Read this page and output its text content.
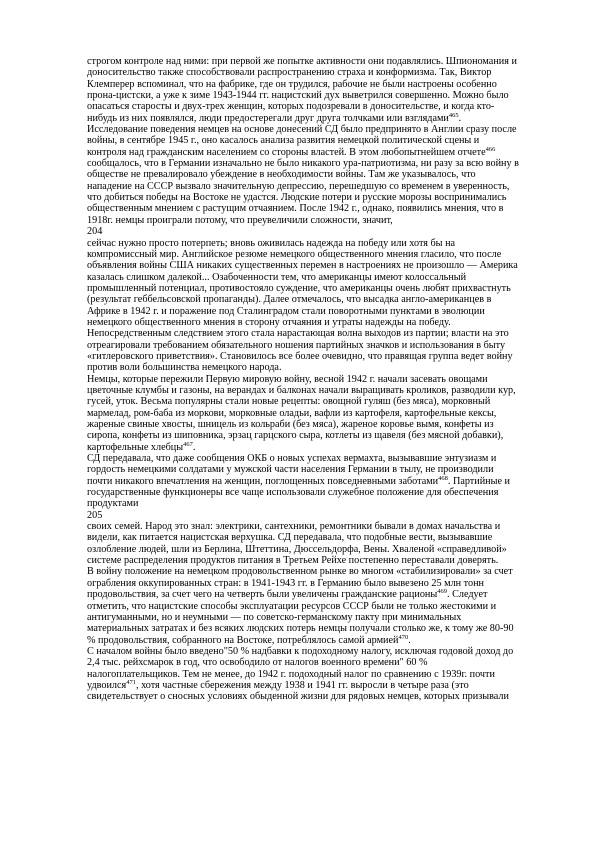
строгом контроле над ними: при первой же попытке активности они подавлялись. Шпиономания и доносительство также способствовали распространению страха и конформизма. Так, Виктор Клемперер вспоминал, что на фабрике, где он трудился, рабочие не были настроены особенно прона-цистски, а уже к зиме 1943-1944 гг. нацистский дух выветрился совершенно. Можно было опасаться старосты и двух-трех женщин, которых подозревали в доносительстве, и когда кто-нибудь из них появлялся, люди предостерегали друг друга толчками или взглядами$^{465}$.

Исследование поведения немцев на основе донесений СД было предпринято в Англии сразу после войны, в сентябре 1945 г., оно касалось анализа развития немецкой политической сцены и контроля над гражданским населением со стороны властей. В этом любопытнейшем отчете$^{466}$ сообщалось, что в Германии изначально не было никакого ура-патриотизма, ни разу за всю войну в обществе не превалировало убеждение в необходимости войны. Там же указывалось, что нападение на СССР вызвало значительную депрессию, перешедшую со временем в уверенность, что добиться победы на Востоке не удастся. Людские потери и русские морозы воспринимались общественным мнением с растущим отчаянием. После 1942 г., однако, появились мнения, что в 1918г. немцы проиграли потому, что преувеличили сложности, значит,

204

сейчас нужно просто потерпеть; вновь оживилась надежда на победу или хотя бы на компромиссный мир. Английское резюме немецкого общественного мнения гласило, что после объявления войны США никаких существенных перемен в настроениях не произошло — Америка казалась слишком далекой... Озабоченности тем, что американцы имеют колоссальный промышленный потенциал, противостояло суждение, что американцы очень любят прихвастнуть (результат геббельсовской пропаганды). Далее отмечалось, что высадка англо-американцев в Африке в 1942 г. и поражение под Сталинградом стали поворотными пунктами в эволюции немецкого общественного мнения в сторону отчаяния и утраты надежды на победу.

Непосредственным следствием этого стала нарастающая волна выходов из партии; власти на это отреагировали требованием обязательного ношения партийных значков и использования в быту «гитлеровского приветствия». Становилось все более очевидно, что правящая группа ведет войну против воли большинства немецкого народа.

Немцы, которые пережили Первую мировую войну, весной 1942 г. начали засевать овощами цветочные клумбы и газоны, на верандах и балконах начали выращивать кроликов, разводили кур, гусей, уток. Весьма популярны стали новые рецепты: овощной гуляш (без мяса), морковный мармелад, ром-баба из моркови, морковные оладьи, вафли из картофеля, картофельные кексы, жареные свиные хвосты, шницель из кольраби (без мяса), жареное коровье вымя, конфеты из сиропа, конфеты из шиповника, эрзац гарцского сыра, котлеты из щавеля (без мясной добавки), картофельные хлебцы$^{467}$.

СД передавала, что даже сообщения ОКБ о новых успехах вермахта, вызывавшие энтузиазм и гордость немецкими солдатами у мужской части населения Германии в тылу, не производили почти никакого впечатления на женщин, поглощенных повседневными заботами$^{468}$. Партийные и государственные функционеры все чаще использовали служебное положение для обеспечения продуктами

205

своих семей. Народ это знал: электрики, сантехники, ремонтники бывали в домах начальства и видели, как питается нацистская верхушка. СД передавала, что подобные вести, вызывавшие озлобление людей, шли из Берлина, Штеттина, Дюссельдорфа, Вены. Хваленой «справедливой» системе распределения продуктов питания в Третьем Рейхе постепенно переставали доверять.

В войну положение на немецком продовольственном рынке во многом «стабилизировали» за счет ограбления оккупированных стран: в 1941-1943 гг. в Германию было вывезено 25 млн тонн продовольствия, за счет чего на четверть были увеличены гражданские рационы$^{469}$. Следует отметить, что нацистские способы эксплуатации ресурсов СССР были не только жестокими и антигуманными, но и неумными — по советско-германскому пакту при минимальных материальных затратах и без всяких людских потерь немцы получали столько же, к тому же 80-90 % продовольствия, собранного на Востоке, потреблялось самой армией$^{470}$.

С началом войны было введено"50 % надбавки к подоходному налогу, исключая годовой доход до 2,4 тыс. рейхсмарок в год, что освободило от налогов военного времени" 60 % налогоплательщиков. Тем не менее, до 1942 г. подоходный налог по сравнению с 1939г. почти удвоился$^{471}$, хотя частные сбережения между 1938 и 1941 гг. выросли в четыре раза (это свидетельствует о сносных условиях обыденной жизни для рядовых немцев, которых призывали
